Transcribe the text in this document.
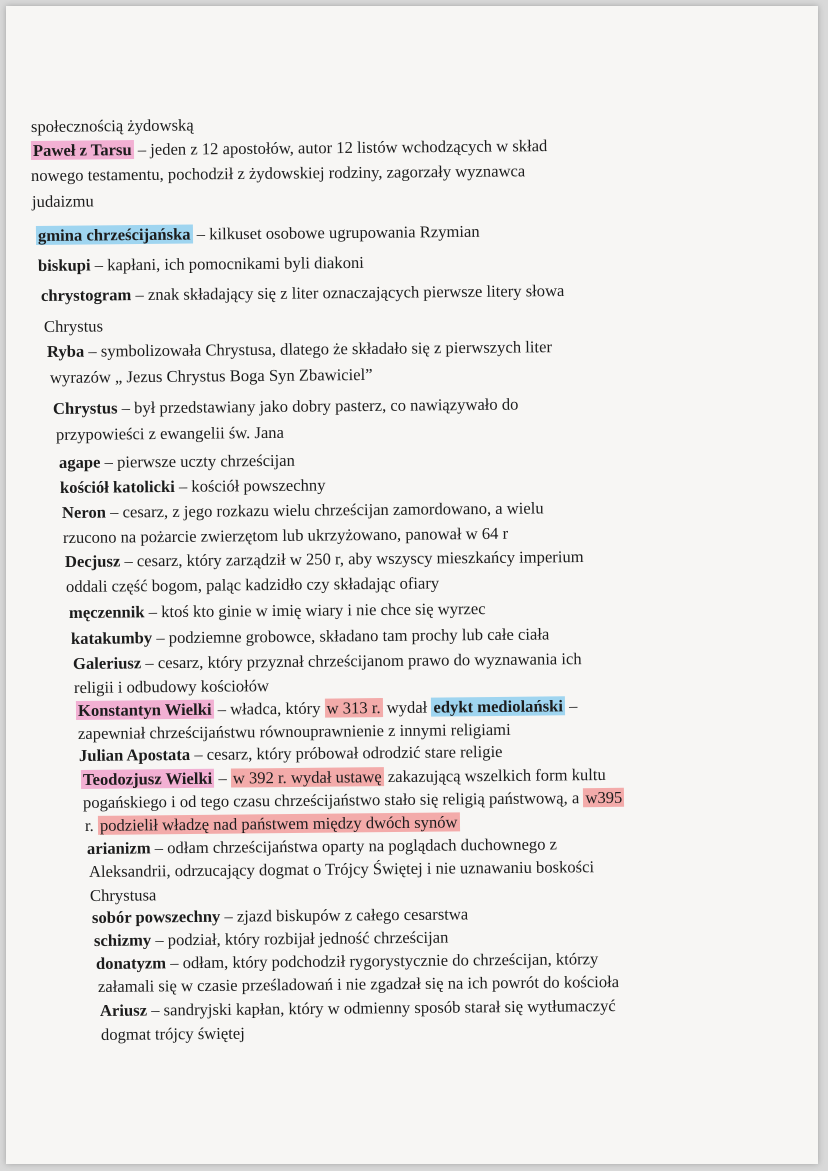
społecznością żydowską
Paweł z Tarsu – jeden z 12 apostołów, autor 12 listów wchodzących w skład
nowego testamentu, pochodził z żydowskiej rodziny, zagorzały wyznawca
judaizmu
gmina chrześcijańska – kilkuset osobowe ugrupowania Rzymian
biskupi – kapłani, ich pomocnikami byli diakoni
chrystogram – znak składający się z liter oznaczających pierwsze litery słowa
Chrystus
Ryba – symbolizowała Chrystusa, dlatego że składało się z pierwszych liter
wyrazów „ Jezus Chrystus Boga Syn Zbawiciel”
Chrystus – był przedstawiany jako dobry pasterz, co nawiązywało do
przypowieści z ewangelii św. Jana
agape – pierwsze uczty chrześcijan
kościół katolicki – kościół powszechny
Neron – cesarz, z jego rozkazu wielu chrześcijan zamordowano, a wielu
rzucono na pożarcie zwierzętom lub ukrzyżowano, panował w 64 r
Decjusz – cesarz, który zarządził w 250 r, aby wszyscy mieszkańcy imperium
oddali część bogom, paląc kadzidło czy składając ofiary
męczennik – ktoś kto ginie w imię wiary i nie chce się wyrzec
katakumby – podziemne grobowce, składano tam prochy lub całe ciała
Galeriusz – cesarz, który przyznał chrześcijanom prawo do wyznawania ich
religii i odbudowy kościołów
Konstantyn Wielki – władca, który w 313 r. wydał edykt mediolański –
zapewniał chrześcijaństwu równouprawnienie z innymi religiami
Julian Apostata – cesarz, który próbował odrodzić stare religie
Teodozjusz Wielki – w 392 r. wydał ustawę zakazującą wszelkich form kultu
pogańskiego i od tego czasu chrześcijaństwo stało się religią państwową, a w395
r. podzielił władzę nad państwem między dwóch synów
arianizm – odłam chrześcijaństwa oparty na poglądach duchownego z
Aleksandrii, odrzucający dogmat o Trójcy Świętej i nie uznawaniu boskości
Chrystusa
sobór powszechny – zjazd biskupów z całego cesarstwa
schizmy – podział, który rozbijał jedność chrześcijan
donatyzm – odłam, który podchodził rygorystycznie do chrześcijan, którzy
załamali się w czasie prześladowań i nie zgadzał się na ich powrót do kościoła
Ariusz – sandryjski kapłan, który w odmienny sposób starał się wytłumaczyć
dogmat trójcy świętej
